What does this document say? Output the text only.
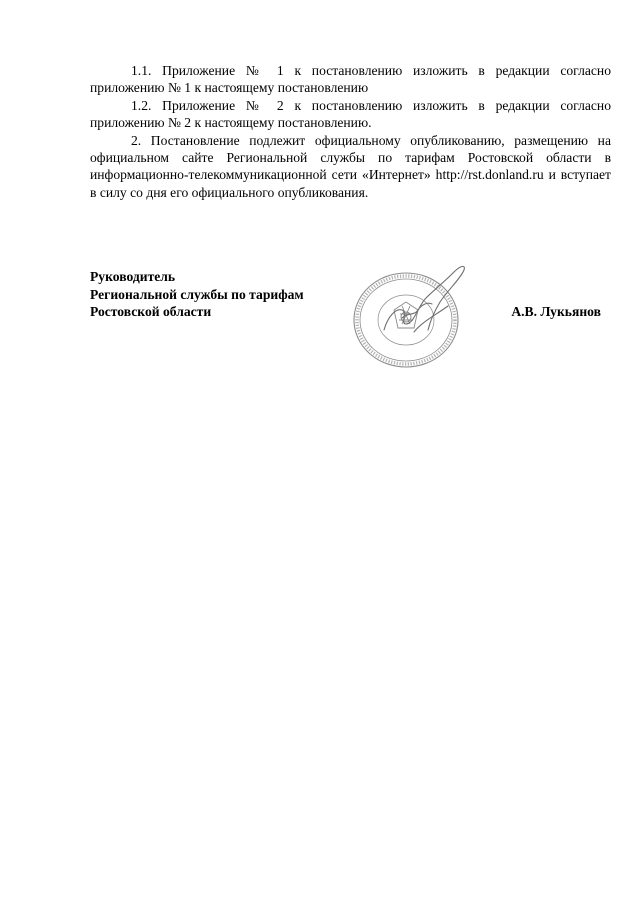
1.1. Приложение № 1 к постановлению изложить в редакции согласно приложению № 1 к настоящему постановлению

1.2. Приложение № 2 к постановлению изложить в редакции согласно приложению № 2 к настоящему постановлению.

2. Постановление подлежит официальному опубликованию, размещению на официальном сайте Региональной службы по тарифам Ростовской области в информационно-телекоммуникационной сети «Интернет» http://rst.donland.ru и вступает в силу со дня его официального опубликования.

Руководитель
Региональной службы по тарифам
Ростовской области	А.В. Лукьянов
